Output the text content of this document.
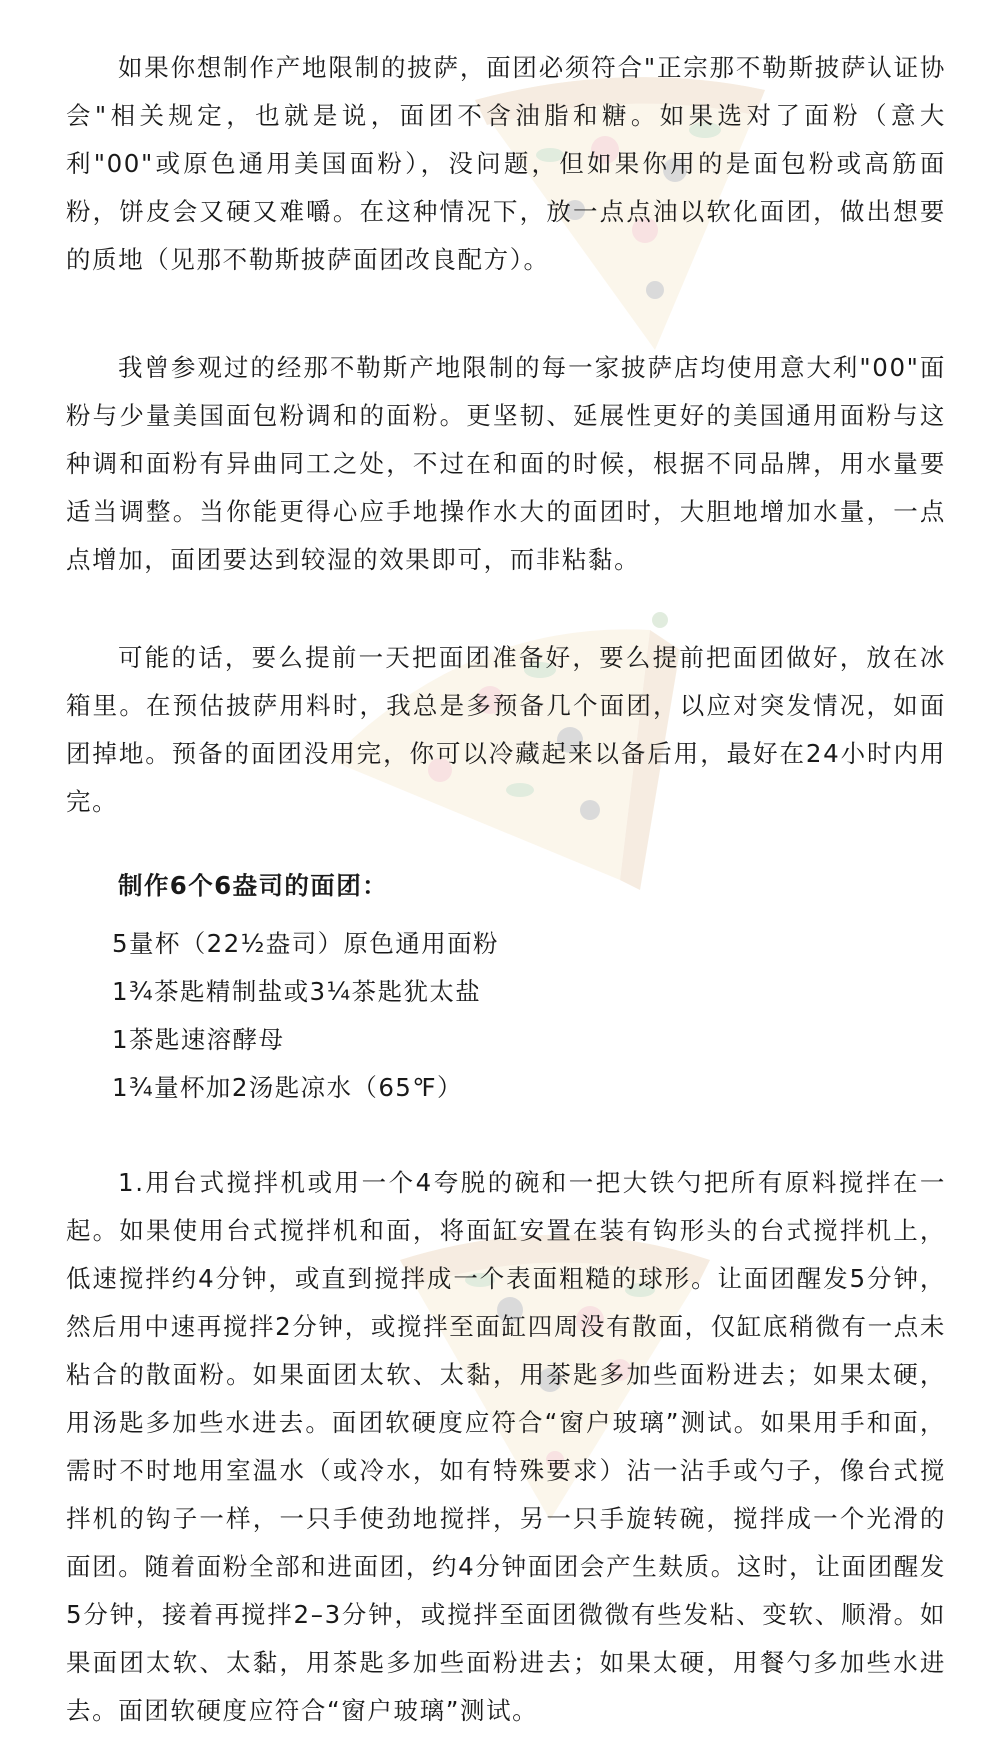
如果你想制作产地限制的披萨，面团必须符合"正宗那不勒斯披萨认证协会"相关规定，也就是说，面团不含油脂和糖。如果选对了面粉（意大利"00"或原色通用美国面粉），没问题，但如果你用的是面包粉或高筋面粉，饼皮会又硬又难嚼。在这种情况下，放一点点油以软化面团，做出想要的质地（见那不勒斯披萨面团改良配方）。

我曾参观过的经那不勒斯产地限制的每一家披萨店均使用意大利"00"面粉与少量美国面包粉调和的面粉。更坚韧、延展性更好的美国通用面粉与这种调和面粉有异曲同工之处，不过在和面的时候，根据不同品牌，用水量要适当调整。当你能更得心应手地操作水大的面团时，大胆地增加水量，一点点增加，面团要达到较湿的效果即可，而非粘黏。

可能的话，要么提前一天把面团准备好，要么提前把面团做好，放在冰箱里。在预估披萨用料时，我总是多预备几个面团，以应对突发情况，如面团掉地。预备的面团没用完，你可以冷藏起来以备后用，最好在24小时内用完。

制作6个6盎司的面团：
5量杯（22½盎司）原色通用面粉
1¾茶匙精制盐或3¼茶匙犹太盐
1茶匙速溶酵母
1¾量杯加2汤匙凉水（65℉）

1.用台式搅拌机或用一个4夸脱的碗和一把大铁勺把所有原料搅拌在一起。如果使用台式搅拌机和面，将面缸安置在装有钩形头的台式搅拌机上，低速搅拌约4分钟，或直到搅拌成一个表面粗糙的球形。让面团醒发5分钟，然后用中速再搅拌2分钟，或搅拌至面缸四周没有散面，仅缸底稍微有一点未粘合的散面粉。如果面团太软、太黏，用茶匙多加些面粉进去；如果太硬，用汤匙多加些水进去。面团软硬度应符合“窗户玻璃”测试。如果用手和面，需时不时地用室温水（或冷水，如有特殊要求）沾一沾手或勺子，像台式搅拌机的钩子一样，一只手使劲地搅拌，另一只手旋转碗，搅拌成一个光滑的面团。随着面粉全部和进面团，约4分钟面团会产生麸质。这时，让面团醒发5分钟，接着再搅拌2–3分钟，或搅拌至面团微微有些发粘、变软、顺滑。如果面团太软、太黏，用茶匙多加些面粉进去；如果太硬，用餐勺多加些水进去。面团软硬度应符合“窗户玻璃”测试。
